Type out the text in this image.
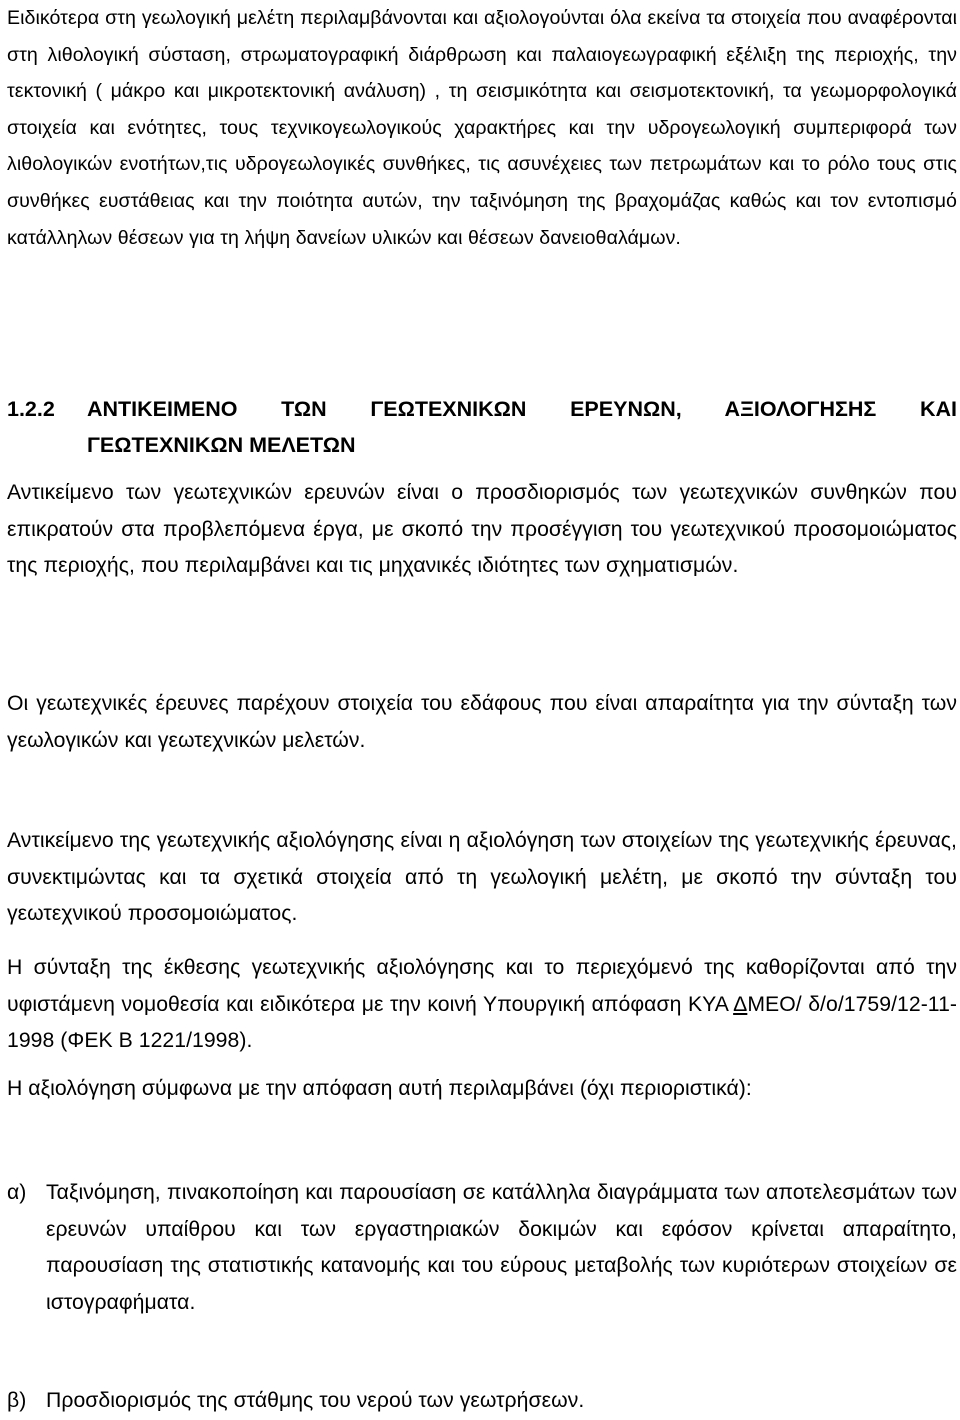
Ειδικότερα στη γεωλογική μελέτη περιλαμβάνονται και αξιολογούνται όλα εκείνα τα στοιχεία που αναφέρονται στη λιθολογική σύσταση, στρωματογραφική διάρθρωση και παλαιογεωγραφική εξέλιξη της περιοχής, την τεκτονική ( μάκρο και μικροτεκτονική ανάλυση) , τη σεισμικότητα και σεισμοτεκτονική, τα γεωμορφολογικά στοιχεία και ενότητες, τους τεχνικογεωλογικούς χαρακτήρες και την υδρογεωλογική συμπεριφορά των λιθολογικών ενοτήτων,τις υδρογεωλογικές συνθήκες, τις ασυνέχειες των πετρωμάτων και το ρόλο τους στις συνθήκες ευστάθειας και την ποιότητα αυτών, την ταξινόμηση της βραχομάζας καθώς και τον εντοπισμό κατάλληλων θέσεων για τη λήψη δανείων υλικών και θέσεων δανειοθαλάμων.

1.2.2	ΑΝΤΙΚΕΙΜΕΝΟ ΤΩΝ ΓΕΩΤΕΧΝΙΚΩΝ ΕΡΕΥΝΩΝ, ΑΞΙΟΛΟΓΗΣΗΣ ΚΑΙ
ΓΕΩΤΕΧΝΙΚΩΝ ΜΕΛΕΤΩΝ

Αντικείμενο των γεωτεχνικών ερευνών είναι ο προσδιορισμός των γεωτεχνικών συνθηκών που επικρατούν στα προβλεπόμενα έργα, με σκοπό την προσέγγιση του γεωτεχνικού προσομοιώματος της περιοχής, που περιλαμβάνει και τις μηχανικές ιδιότητες των σχηματισμών.

Οι γεωτεχνικές έρευνες παρέχουν στοιχεία του εδάφους που είναι απαραίτητα για την σύνταξη των γεωλογικών και γεωτεχνικών μελετών.

Αντικείμενο της γεωτεχνικής αξιολόγησης είναι η αξιολόγηση των στοιχείων της γεωτεχνικής έρευνας, συνεκτιμώντας και τα σχετικά στοιχεία από τη γεωλογική μελέτη, με σκοπό την σύνταξη του γεωτεχνικού προσομοιώματος.

Η σύνταξη της έκθεσης γεωτεχνικής αξιολόγησης και το περιεχόμενό της καθορίζονται από την υφιστάμενη νομοθεσία και ειδικότερα με την κοινή Υπουργική απόφαση ΚΥΑ ΔΜΕΟ/ δ/ο/1759/12-11-1998 (ΦΕΚ Β 1221/1998).

Η αξιολόγηση σύμφωνα με την απόφαση αυτή περιλαμβάνει (όχι περιοριστικά):

α) Ταξινόμηση, πινακοποίηση και παρουσίαση σε κατάλληλα διαγράμματα των αποτελεσμάτων των ερευνών υπαίθρου και των εργαστηριακών δοκιμών και εφόσον κρίνεται απαραίτητο, παρουσίαση της στατιστικής κατανομής και του εύρους μεταβολής των κυριότερων στοιχείων σε ιστογραφήματα.
β) Προσδιορισμός της στάθμης του νερού των γεωτρήσεων.
